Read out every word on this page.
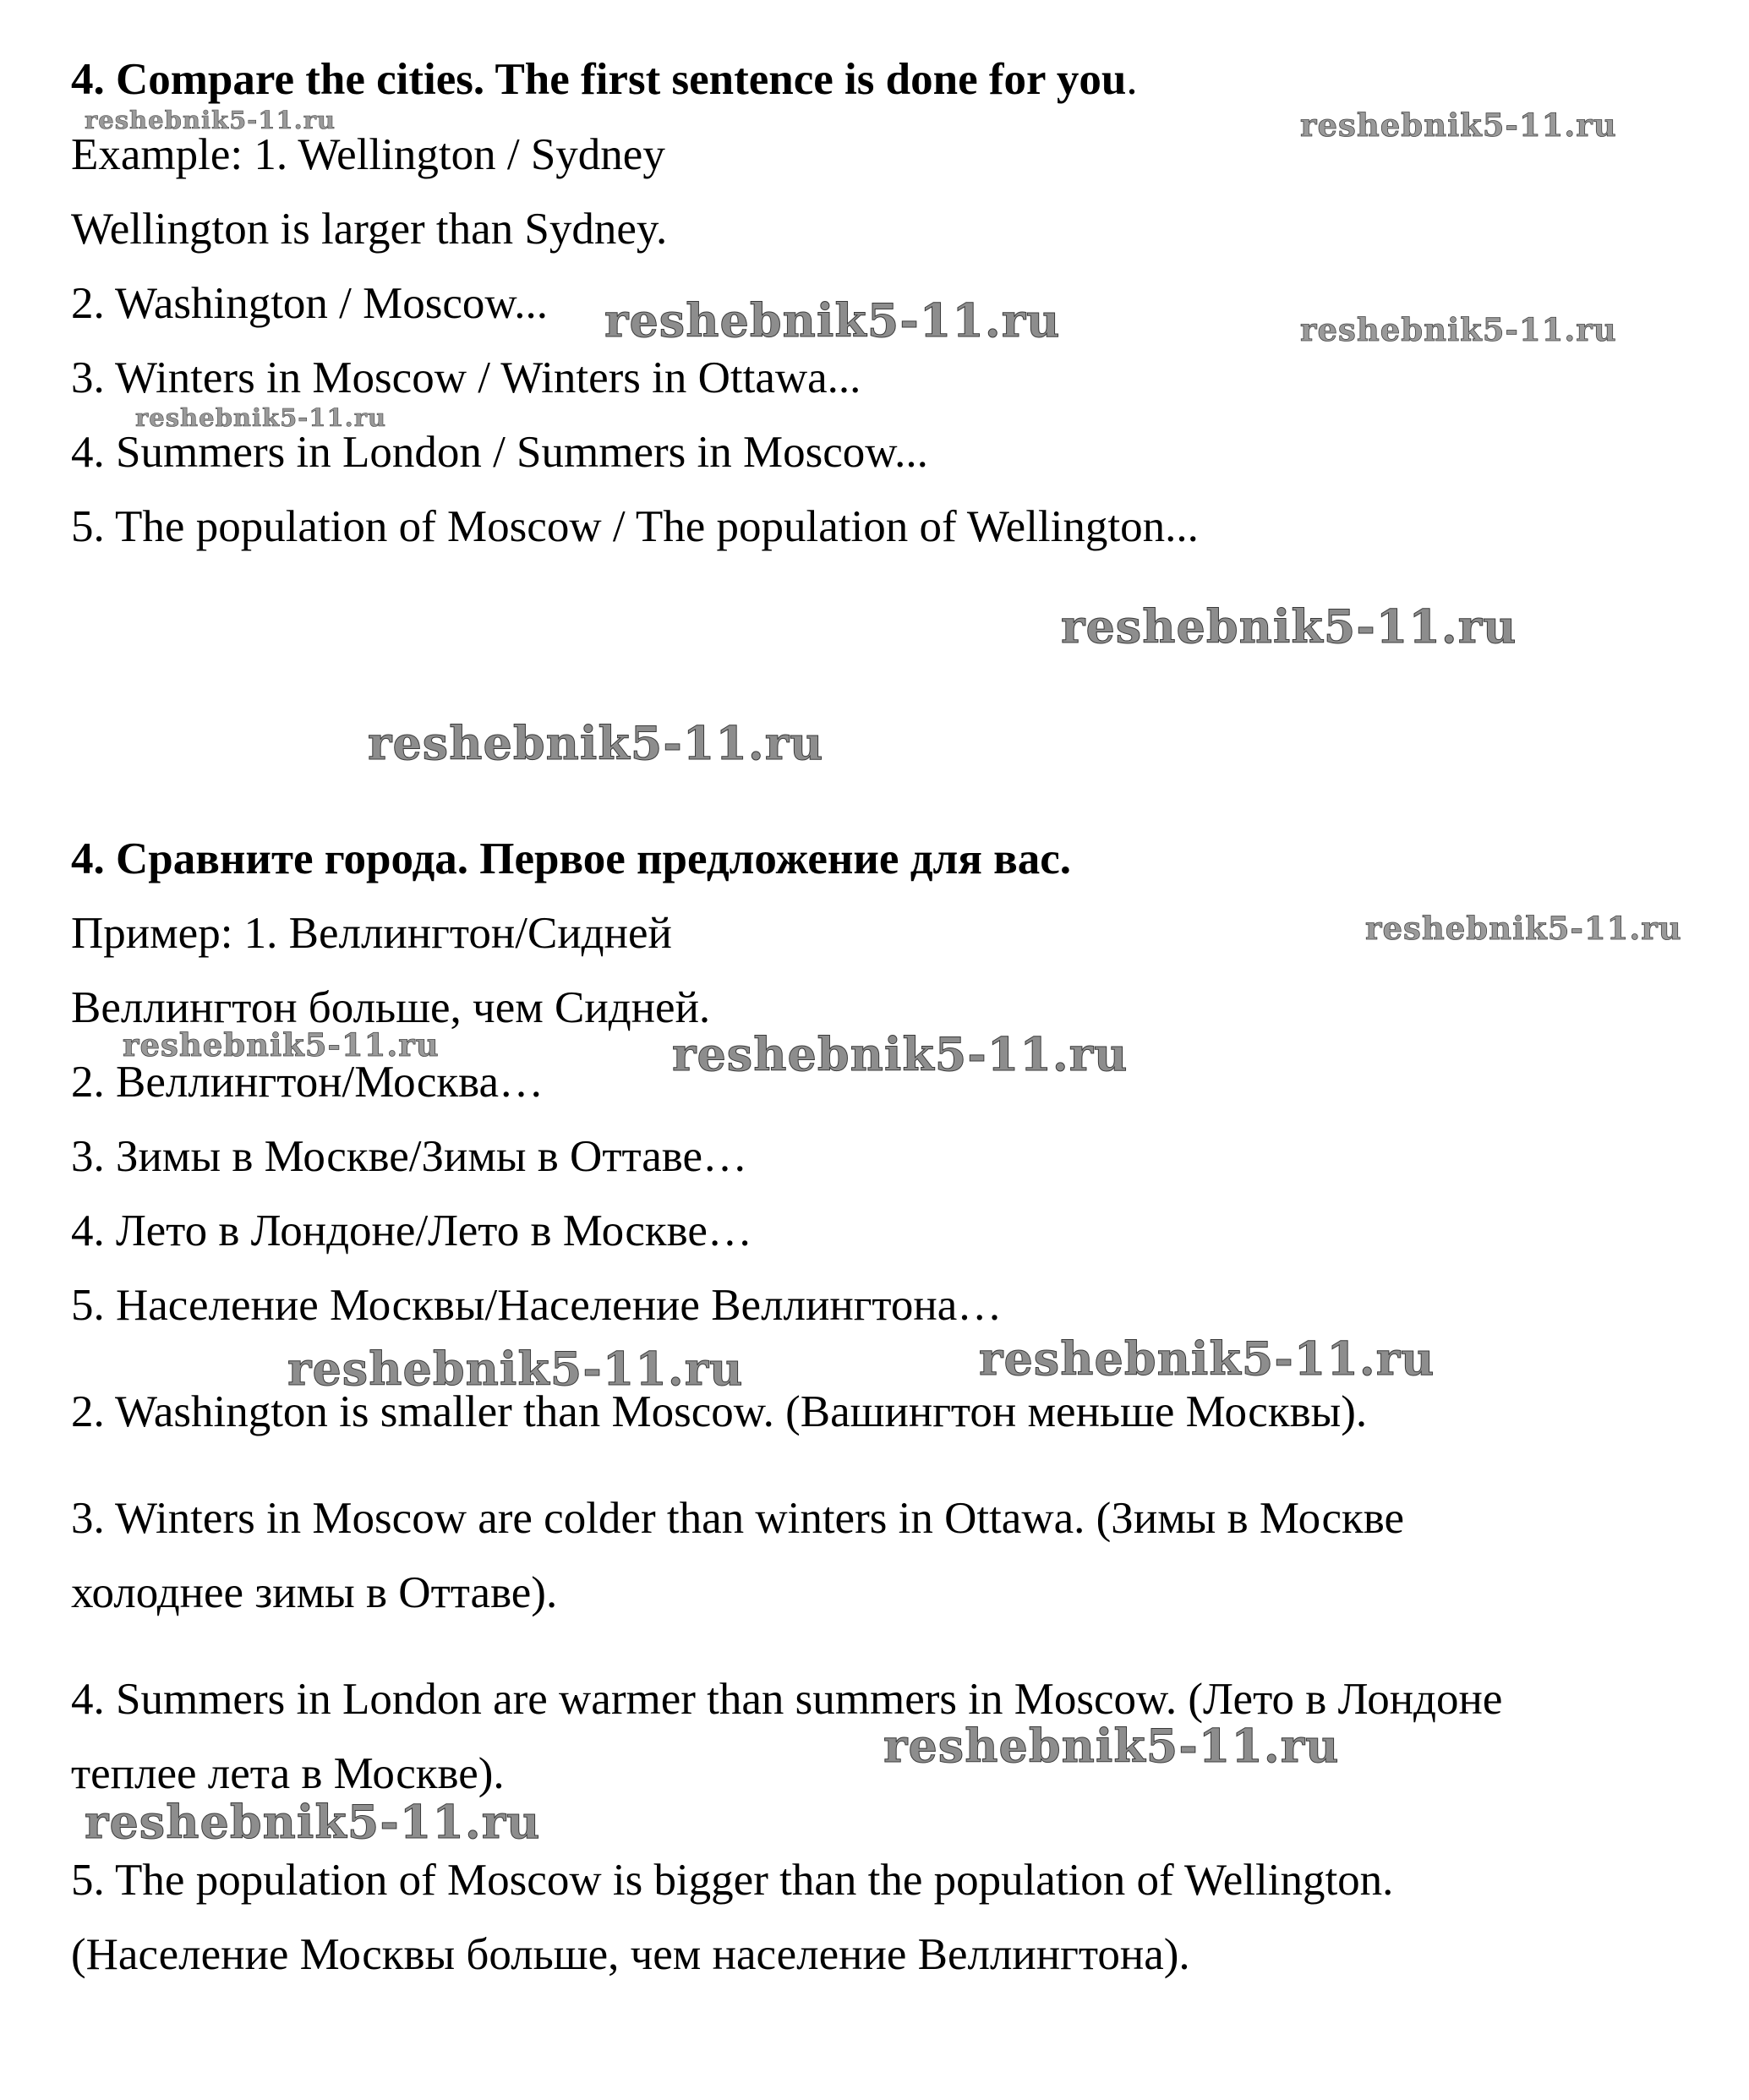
4. Compare the cities. The first sentence is done for you.

Example: 1. Wellington / Sydney

Wellington is larger than Sydney.

2. Washington / Moscow...

3. Winters in Moscow / Winters in Ottawa...

4. Summers in London / Summers in Moscow...

5. The population of Moscow / The population of Wellington...

4. Сравните города. Первое предложение для вас.

Пример: 1. Веллингтон/Сидней

Веллингтон больше, чем Сидней.

2. Веллингтон/Москва…

3. Зимы в Москве/Зимы в Оттаве…

4. Лето в Лондоне/Лето в Москве…

5. Население Москвы/Население Веллингтона…

2. Washington is smaller than Moscow. (Вашингтон меньше Москвы).

3. Winters in Moscow are colder than winters in Ottawa. (Зимы в Москве

холоднее зимы в Оттаве).

4. Summers in London are warmer than summers in Moscow. (Лето в Лондоне

теплее лета в Москве).

5. The population of Moscow is bigger than the population of Wellington.

(Население Москвы больше, чем население Веллингтона).

reshebnik5-11.ru	reshebnik5-11.ru
reshebnik5-11.ru	reshebnik5-11.ru
reshebnik5-11.ru
reshebnik5-11.ru
reshebnik5-11.ru
reshebnik5-11.ru
reshebnik5-11.ru	reshebnik5-11.ru
reshebnik5-11.ru	reshebnik5-11.ru
reshebnik5-11.ru
reshebnik5-11.ru
